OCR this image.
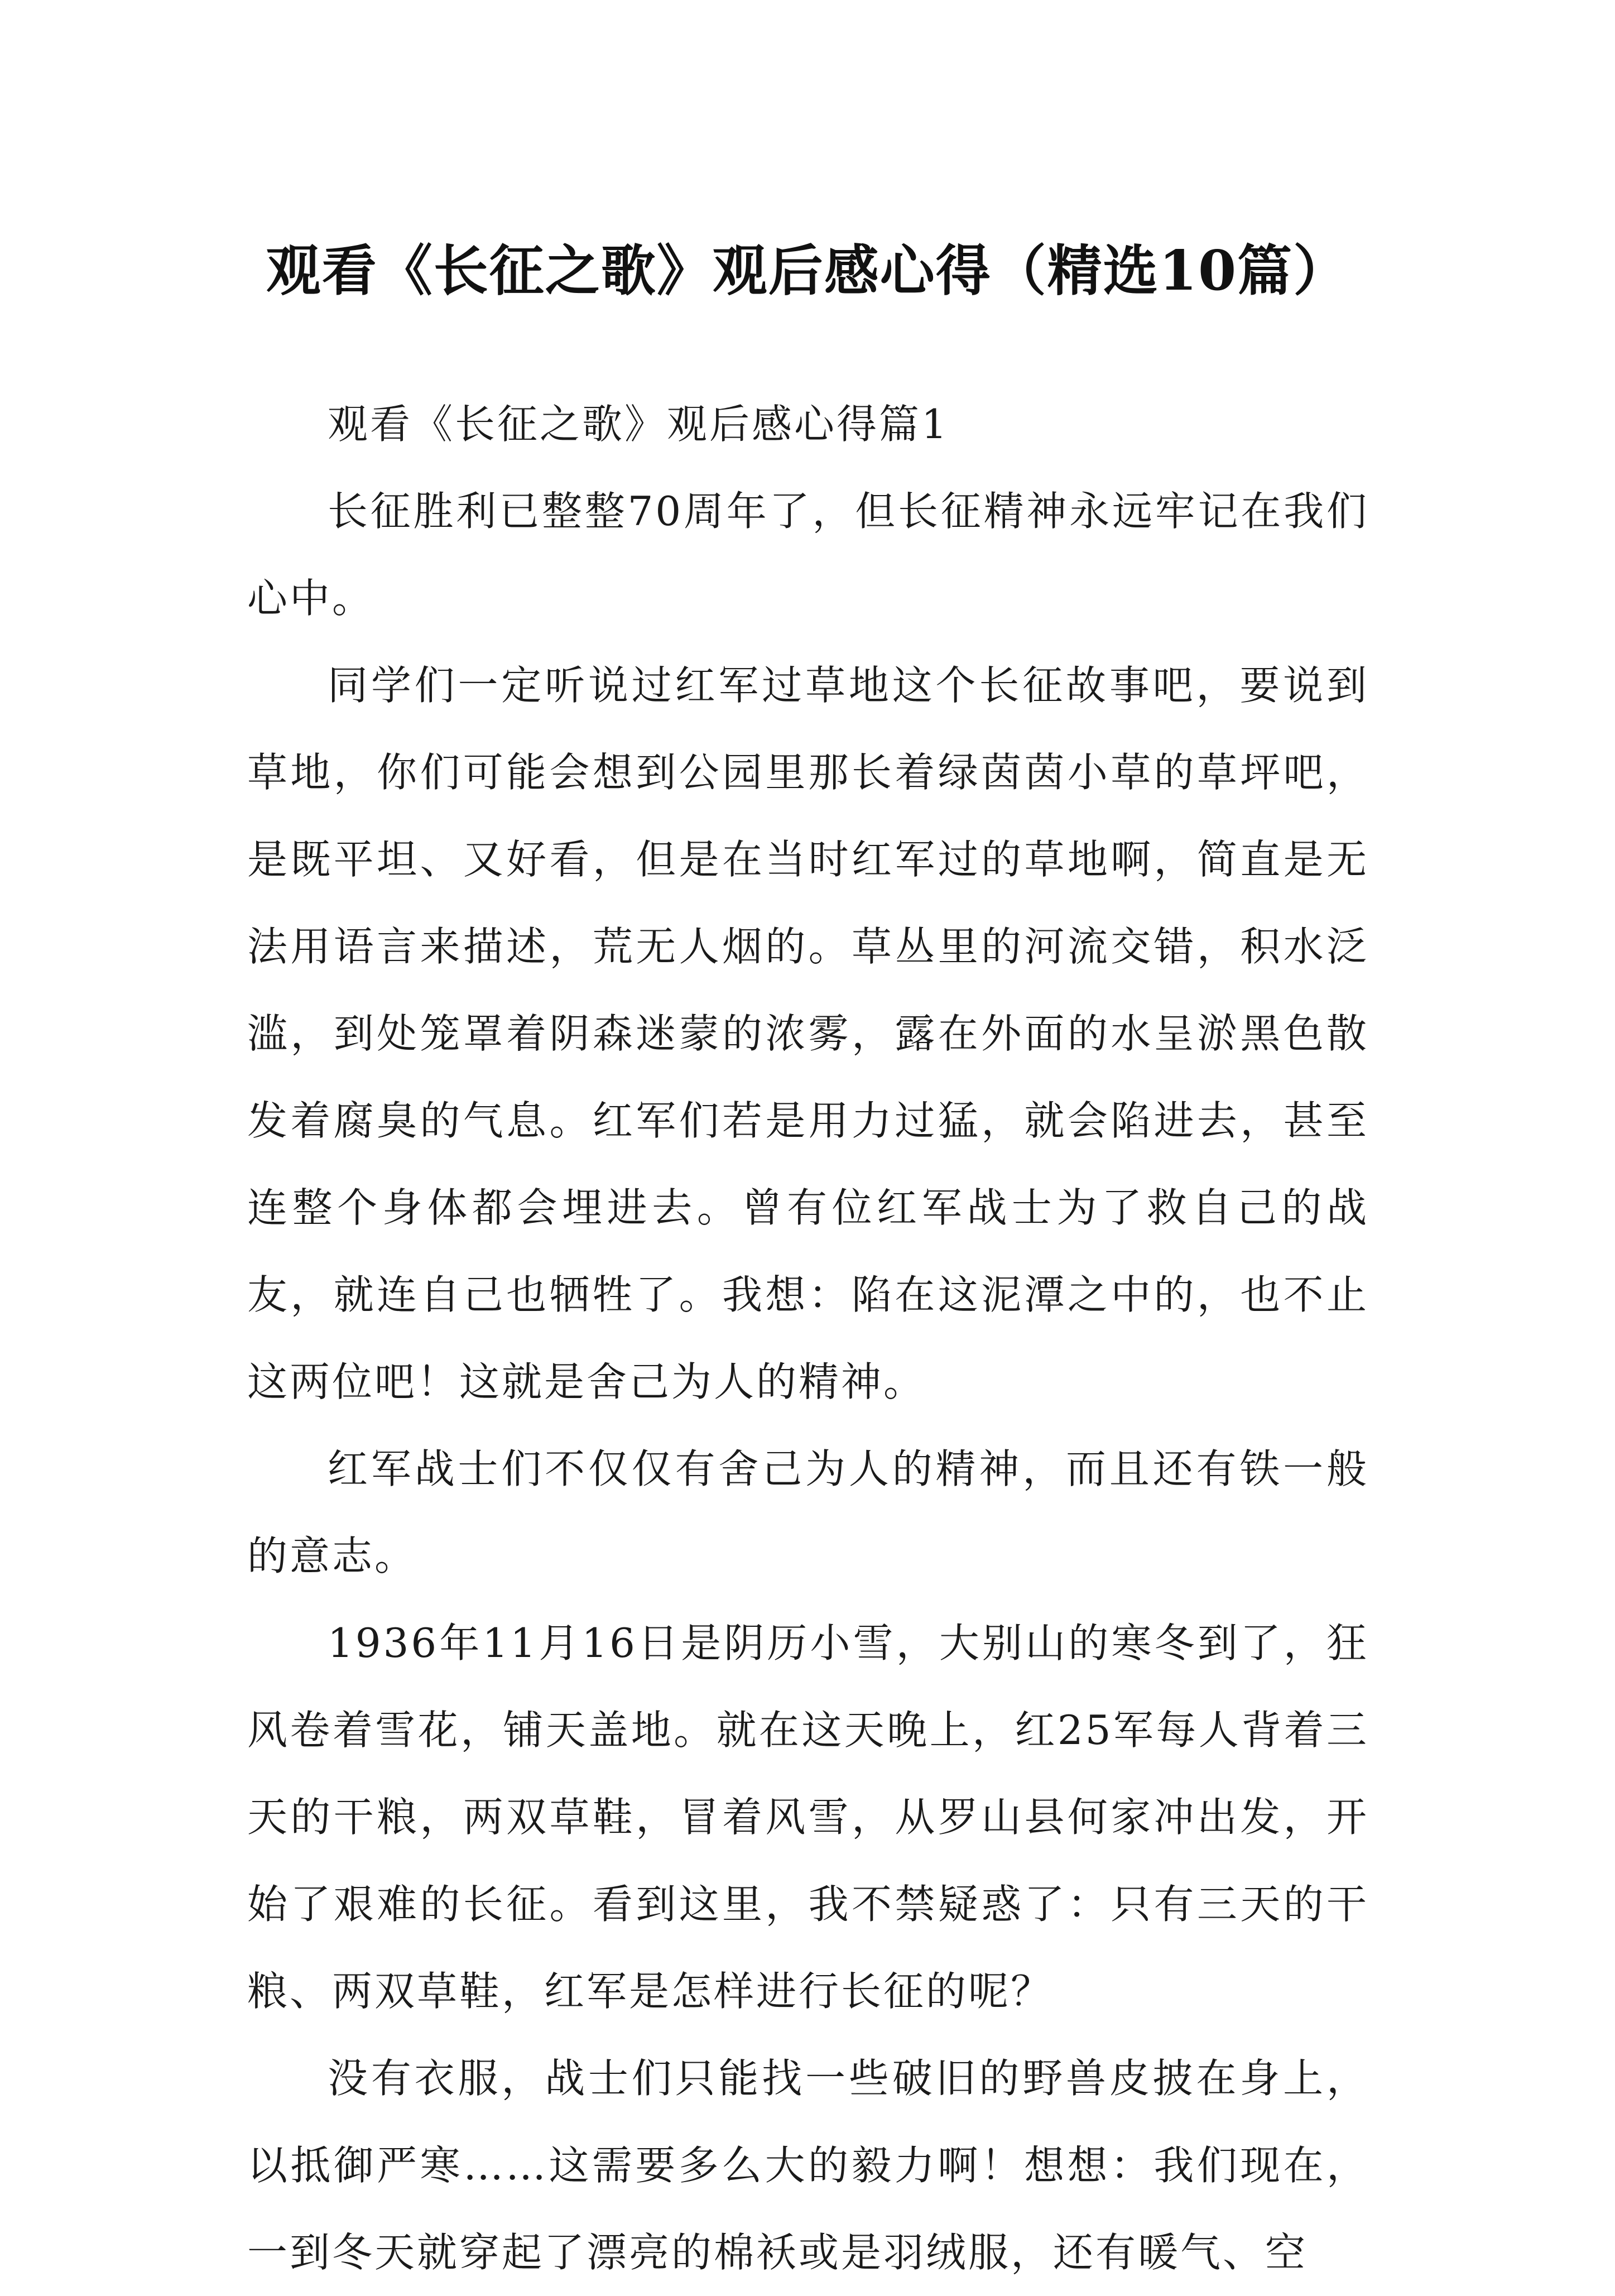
观看《长征之歌》观后感心得（精选10篇）

观看《长征之歌》观后感心得篇1

长征胜利已整整70周年了，但长征精神永远牢记在我们心中。

同学们一定听说过红军过草地这个长征故事吧，要说到草地，你们可能会想到公园里那长着绿茵茵小草的草坪吧，是既平坦、又好看，但是在当时红军过的草地啊，简直是无法用语言来描述，荒无人烟的。草丛里的河流交错，积水泛滥，到处笼罩着阴森迷蒙的浓雾，露在外面的水呈淤黑色散发着腐臭的气息。红军们若是用力过猛，就会陷进去，甚至连整个身体都会埋进去。曾有位红军战士为了救自己的战友，就连自己也牺牲了。我想：陷在这泥潭之中的，也不止这两位吧！这就是舍己为人的精神。

红军战士们不仅仅有舍己为人的精神，而且还有铁一般的意志。

1936年11月16日是阴历小雪，大别山的寒冬到了，狂风卷着雪花，铺天盖地。就在这天晚上，红25军每人背着三天的干粮，两双草鞋，冒着风雪，从罗山县何家冲出发，开始了艰难的长征。看到这里，我不禁疑惑了：只有三天的干粮、两双草鞋，红军是怎样进行长征的呢？

没有衣服，战士们只能找一些破旧的野兽皮披在身上，以抵御严寒……这需要多么大的毅力啊！想想：我们现在，一到冬天就穿起了漂亮的棉袄或是羽绒服，还有暖气、空
